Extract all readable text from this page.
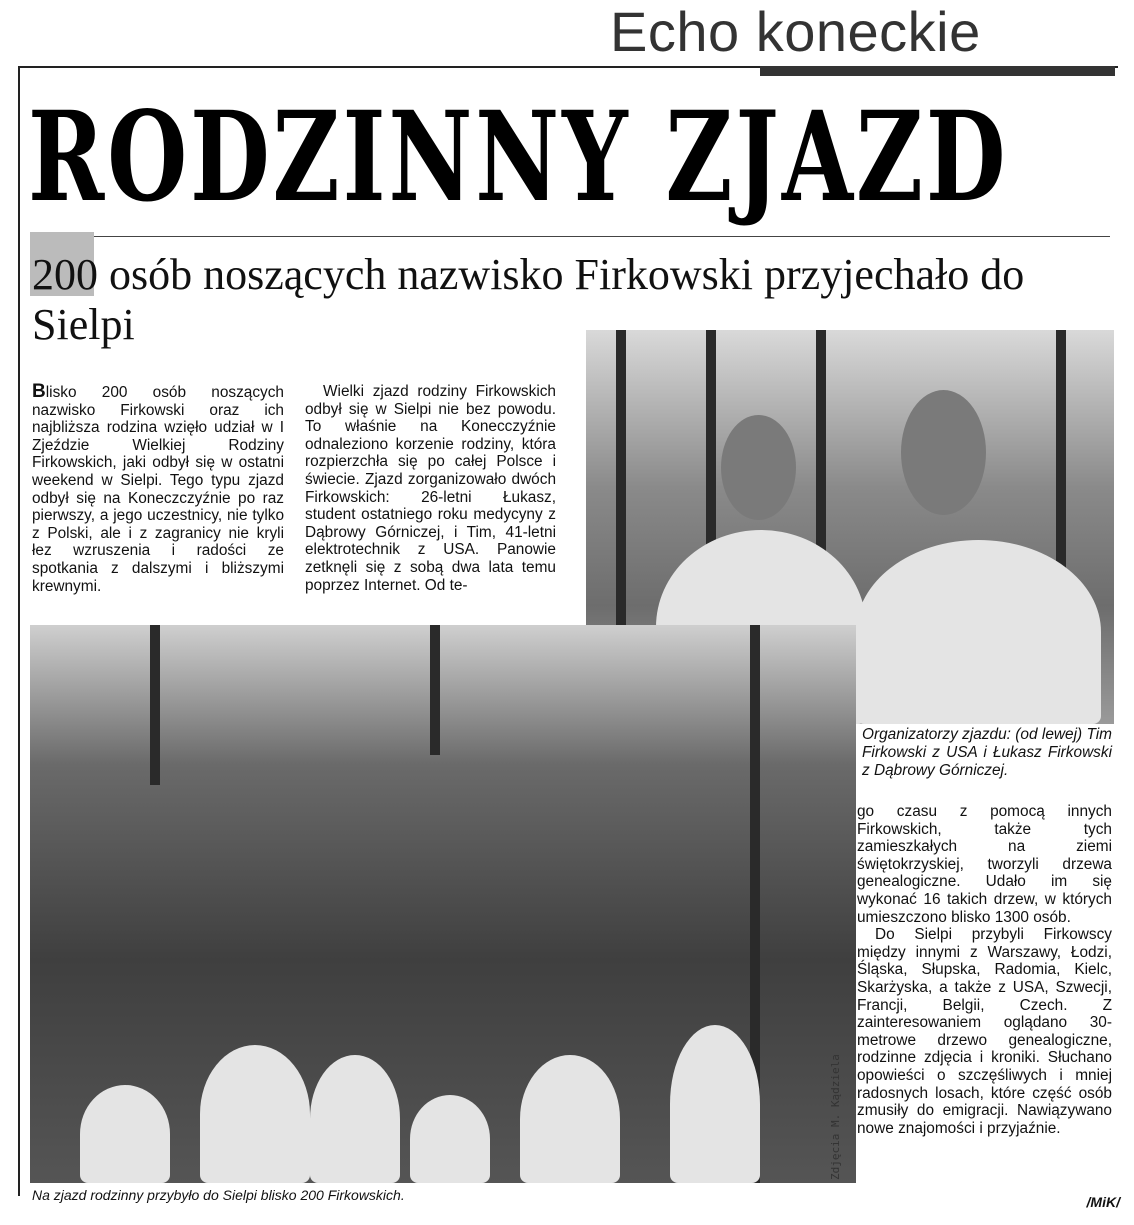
Echo koneckie
RODZINNY ZJAZD
200 osób noszących nazwisko Firkowski przyjechało do Sielpi

Blisko 200 osób noszących nazwisko Firkowski oraz ich najbliższa rodzina wzięło udział w I Zjeździe Wielkiej Rodziny Firkowskich, jaki odbył się w ostatni weekend w Sielpi. Tego typu zjazd odbył się na Koneczczyźnie po raz pierwszy, a jego uczestnicy, nie tylko z Polski, ale i z zagranicy nie kryli łez wzruszenia i radości ze spotkania z dalszymi i bliższymi krewnymi.

Wielki zjazd rodziny Firkowskich odbył się w Sielpi nie bez powodu. To właśnie na Konecczyźnie odnaleziono korzenie rodziny, która rozpierzchła się po całej Polsce i świecie. Zjazd zorganizowało dwóch Firkowskich: 26-letni Łukasz, student ostatniego roku medycyny z Dąbrowy Górniczej, i Tim, 41-letni elektrotechnik z USA. Panowie zetknęli się z sobą dwa lata temu poprzez Internet. Od te-

Organizatorzy zjazdu: (od lewej) Tim Firkowski z USA i Łukasz Firkowski z Dąbrowy Górniczej.

go czasu z pomocą innych Firkowskich, także tych zamieszkałych na ziemi świętokrzyskiej, tworzyli drzewa genealogiczne. Udało im się wykonać 16 takich drzew, w których umieszczono blisko 1300 osób.

Do Sielpi przybyli Firkowscy między innymi z Warszawy, Łodzi, Śląska, Słupska, Radomia, Kielc, Skarżyska, a także z USA, Szwecji, Francji, Belgii, Czech. Z zainteresowaniem oglądano 30-metrowe drzewo genealogiczne, rodzinne zdjęcia i kroniki. Słuchano opowieści o szczęśliwych i mniej radosnych losach, które część osób zmusiły do emigracji. Nawiązywano nowe znajomości i przyjaźnie.

Na zjazd rodzinny przybyło do Sielpi blisko 200 Firkowskich.
Zdjęcia M. Kądziela
/MiK/
